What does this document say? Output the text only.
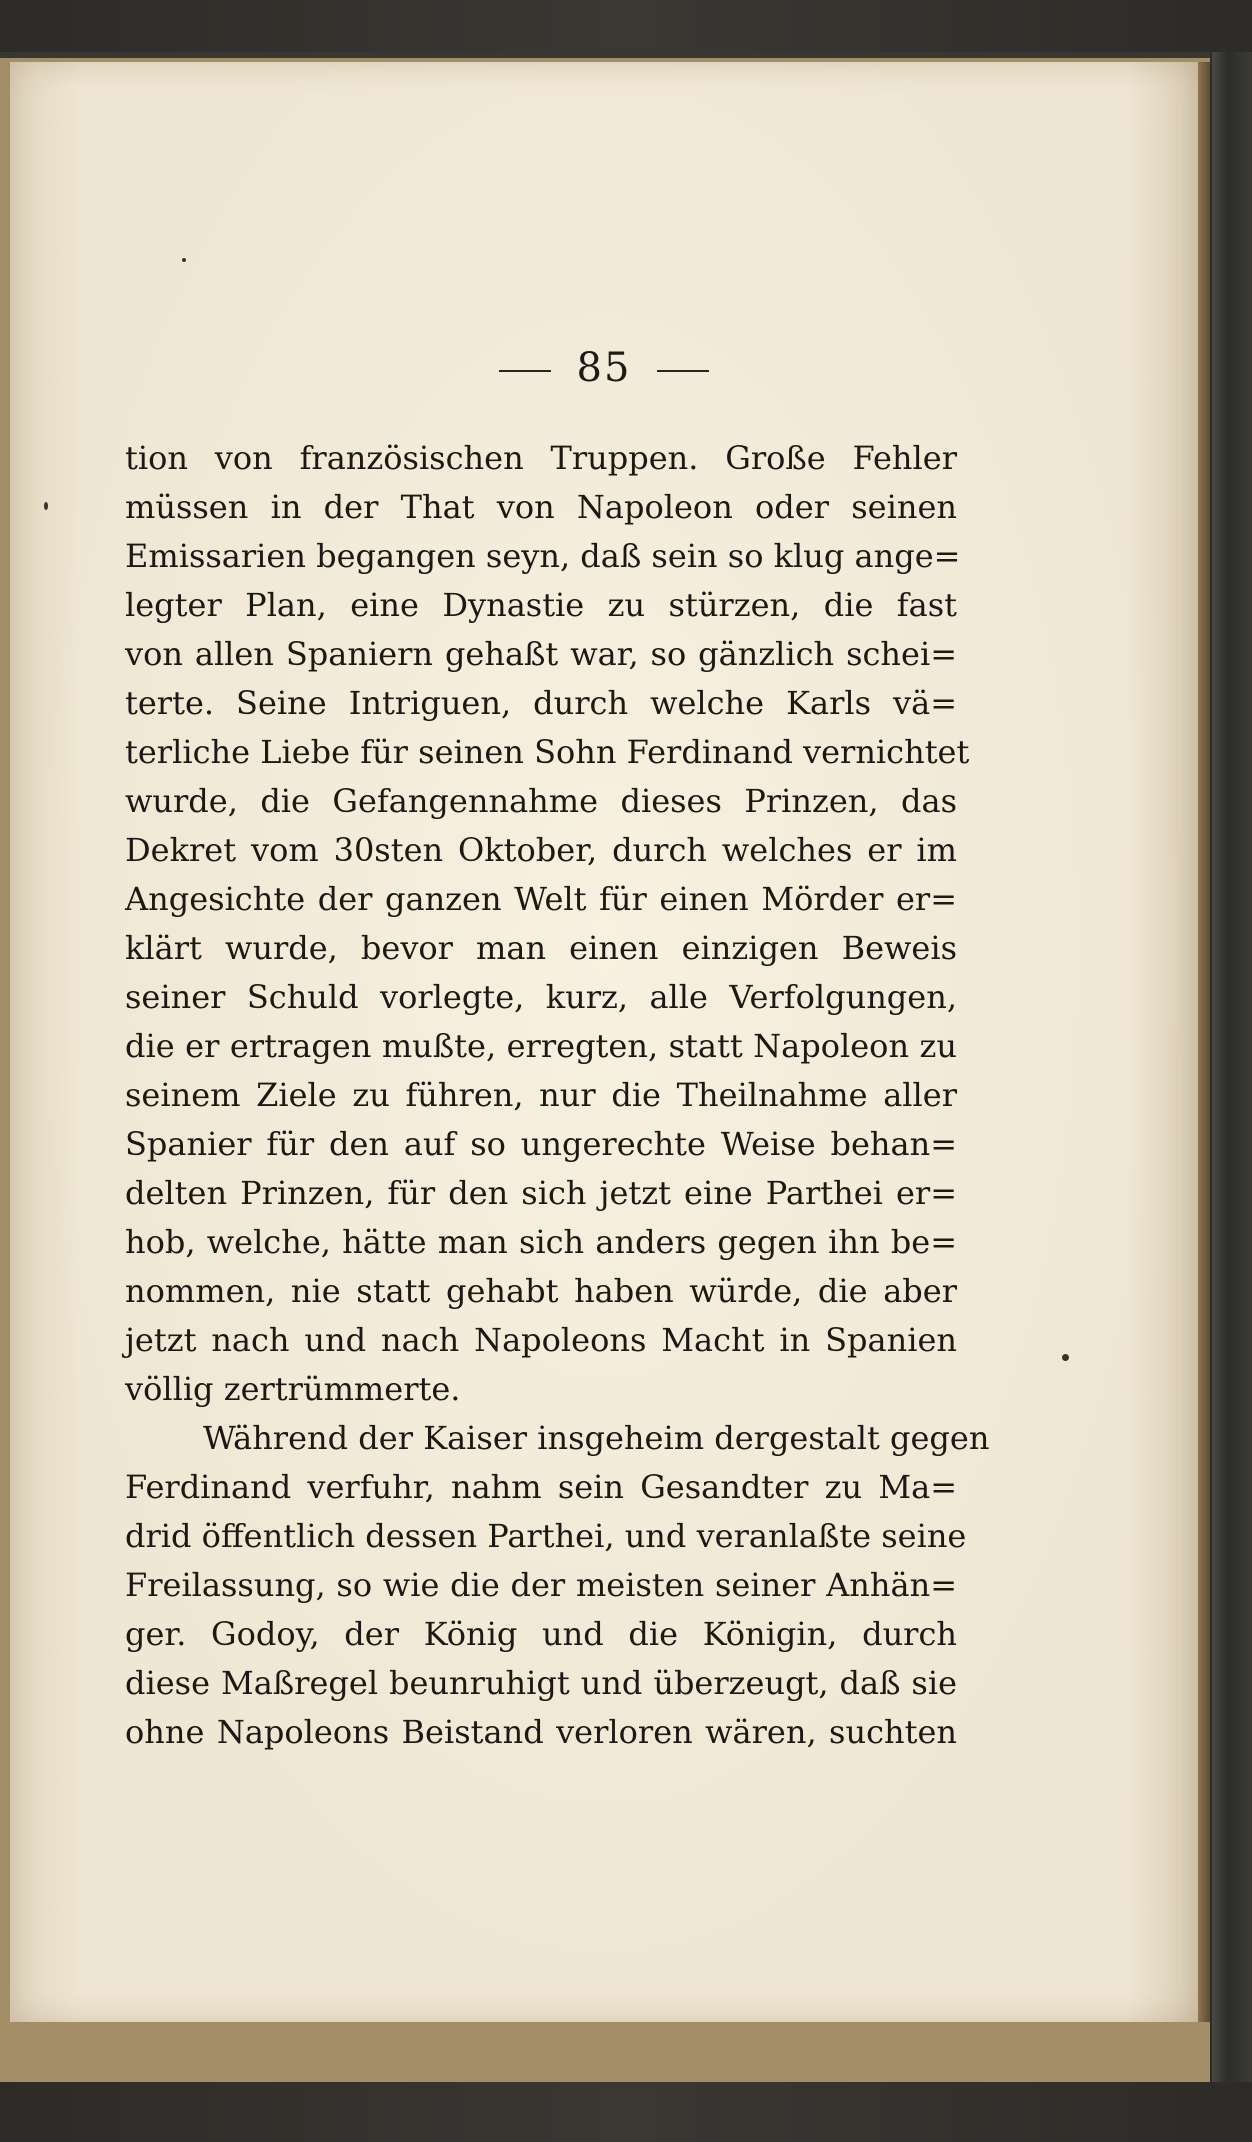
85
tion von französischen Truppen. Große Fehler
müssen in der That von Napoleon oder seinen
Emissarien begangen seyn, daß sein so klug ange=
legter Plan, eine Dynastie zu stürzen, die fast
von allen Spaniern gehaßt war, so gänzlich schei=
terte. Seine Intriguen, durch welche Karls vä=
terliche Liebe für seinen Sohn Ferdinand vernichtet
wurde, die Gefangennahme dieses Prinzen, das
Dekret vom 30sten Oktober, durch welches er im
Angesichte der ganzen Welt für einen Mörder er=
klärt wurde, bevor man einen einzigen Beweis
seiner Schuld vorlegte, kurz, alle Verfolgungen,
die er ertragen mußte, erregten, statt Napoleon zu
seinem Ziele zu führen, nur die Theilnahme aller
Spanier für den auf so ungerechte Weise behan=
delten Prinzen, für den sich jetzt eine Parthei er=
hob, welche, hätte man sich anders gegen ihn be=
nommen, nie statt gehabt haben würde, die aber
jetzt nach und nach Napoleons Macht in Spanien
völlig zertrümmerte.
Während der Kaiser insgeheim dergestalt gegen
Ferdinand verfuhr, nahm sein Gesandter zu Ma=
drid öffentlich dessen Parthei, und veranlaßte seine
Freilassung, so wie die der meisten seiner Anhän=
ger. Godoy, der König und die Königin, durch
diese Maßregel beunruhigt und überzeugt, daß sie
ohne Napoleons Beistand verloren wären, suchten
